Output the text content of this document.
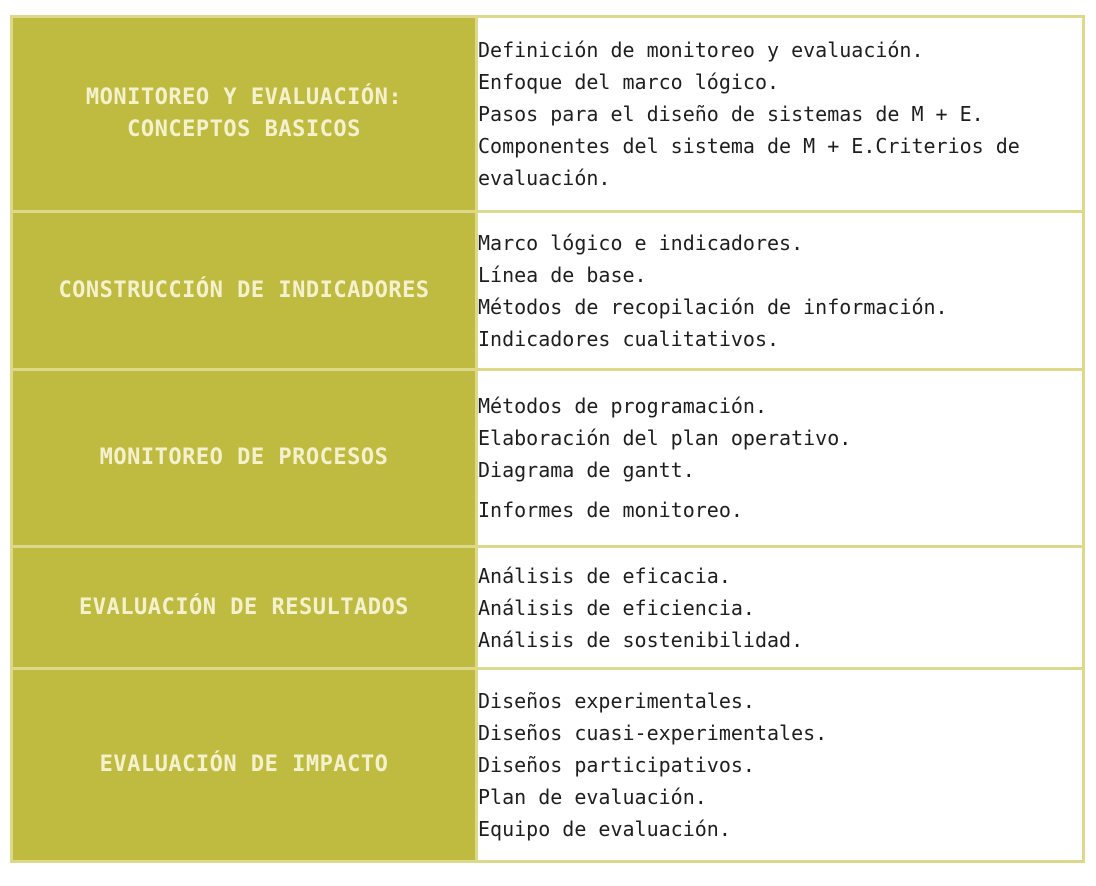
MONITOREO Y EVALUACIÓN:
CONCEPTOS BASICOS	Definición de monitoreo y evaluación.
Enfoque del marco lógico.
Pasos para el diseño de sistemas de M + E.
Componentes del sistema de M + E.Criterios de
evaluación.

CONSTRUCCIÓN DE INDICADORES	Marco lógico e indicadores.
Línea de base.
Métodos de recopilación de información.
Indicadores cualitativos.

MONITOREO DE PROCESOS	Métodos de programación.
Elaboración del plan operativo.
Diagrama de gantt.
Informes de monitoreo.

EVALUACIÓN DE RESULTADOS	Análisis de eficacia.
Análisis de eficiencia.
Análisis de sostenibilidad.

EVALUACIÓN DE IMPACTO	Diseños experimentales.
Diseños cuasi-experimentales.
Diseños participativos.
Plan de evaluación.
Equipo de evaluación.
